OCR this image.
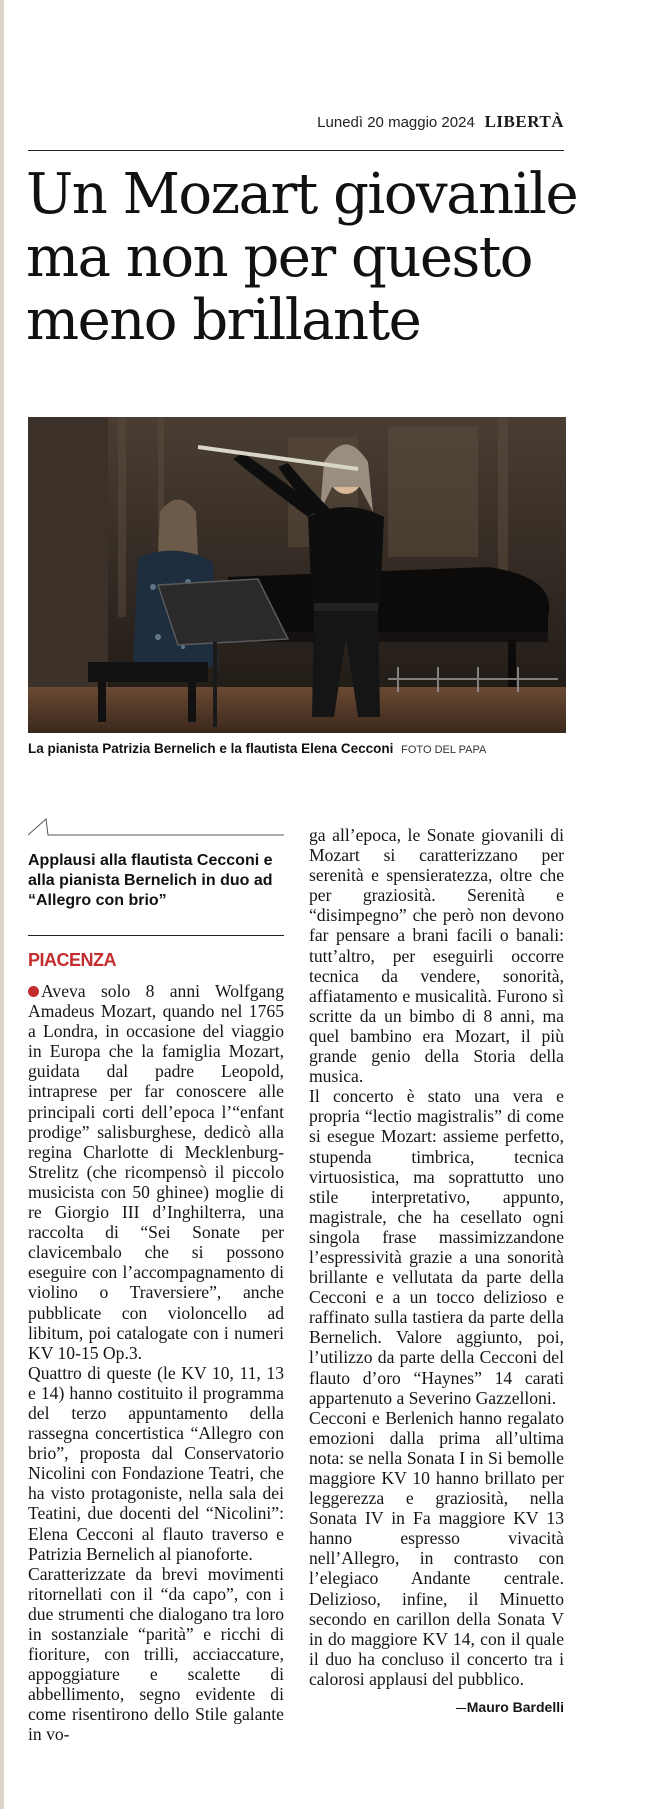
Lunedì 20 maggio 2024 LIBERTÀ
Un Mozart giovanile
ma non per questo
meno brillante
La pianista Patrizia Bernelich e la flautista Elena Cecconi FOTO DEL PAPA
Applausi alla flautista Cecconi e alla pianista Bernelich in duo ad “Allegro con brio”
PIACENZA

Aveva solo 8 anni Wolfgang Amadeus Mozart, quando nel 1765 a Londra, in occasione del viaggio in Europa che la famiglia Mozart, guidata dal padre Leopold, intraprese per far conoscere alle principali corti dell’epoca l’“enfant prodige” salisburghese, dedicò alla regina Charlotte di Mecklenburg-Strelitz (che ricompensò il piccolo musicista con 50 ghinee) moglie di re Giorgio III d’Inghilterra, una raccolta di “Sei Sonate per clavicembalo che si possono eseguire con l’accompagnamento di violino o Traversiere”, anche pubblicate con violoncello ad libitum, poi catalogate con i numeri KV 10-15 Op.3.

Quattro di queste (le KV 10, 11, 13 e 14) hanno costituito il programma del terzo appuntamento della rassegna concertistica “Allegro con brio”, proposta dal Conservatorio Nicolini con Fondazione Teatri, che ha visto protagoniste, nella sala dei Teatini, due docenti del “Nicolini”: Elena Cecconi al flauto traverso e Patrizia Bernelich al pianoforte.

Caratterizzate da brevi movimenti ritornellati con il “da capo”, con i due strumenti che dialogano tra loro in sostanziale “parità” e ricchi di fioriture, con trilli, acciaccature, appoggiature e scalette di abbellimento, segno evidente di come risentirono dello Stile galante in vo-

ga all’epoca, le Sonate giovanili di Mozart si caratterizzano per serenità e spensieratezza, oltre che per graziosità. Serenità e “disimpegno” che però non devono far pensare a brani facili o banali: tutt’altro, per eseguirli occorre tecnica da vendere, sonorità, affiatamento e musicalità. Furono sì scritte da un bimbo di 8 anni, ma quel bambino era Mozart, il più grande genio della Storia della musica.

Il concerto è stato una vera e propria “lectio magistralis” di come si esegue Mozart: assieme perfetto, stupenda timbrica, tecnica virtuosistica, ma soprattutto uno stile interpretativo, appunto, magistrale, che ha cesellato ogni singola frase massimizzandone l’espressività grazie a una sonorità brillante e vellutata da parte della Cecconi e a un tocco delizioso e raffinato sulla tastiera da parte della Bernelich. Valore aggiunto, poi, l’utilizzo da parte della Cecconi del flauto d’oro “Haynes” 14 carati appartenuto a Severino Gazzelloni.

Cecconi e Berlenich hanno regalato emozioni dalla prima all’ultima nota: se nella Sonata I in Si bemolle maggiore KV 10 hanno brillato per leggerezza e graziosità, nella Sonata IV in Fa maggiore KV 13 hanno espresso vivacità nell’Allegro, in contrasto con l’elegiaco Andante centrale. Delizioso, infine, il Minuetto secondo en carillon della Sonata V in do maggiore KV 14, con il quale il duo ha concluso il concerto tra i calorosi applausi del pubblico.

Mauro Bardelli
